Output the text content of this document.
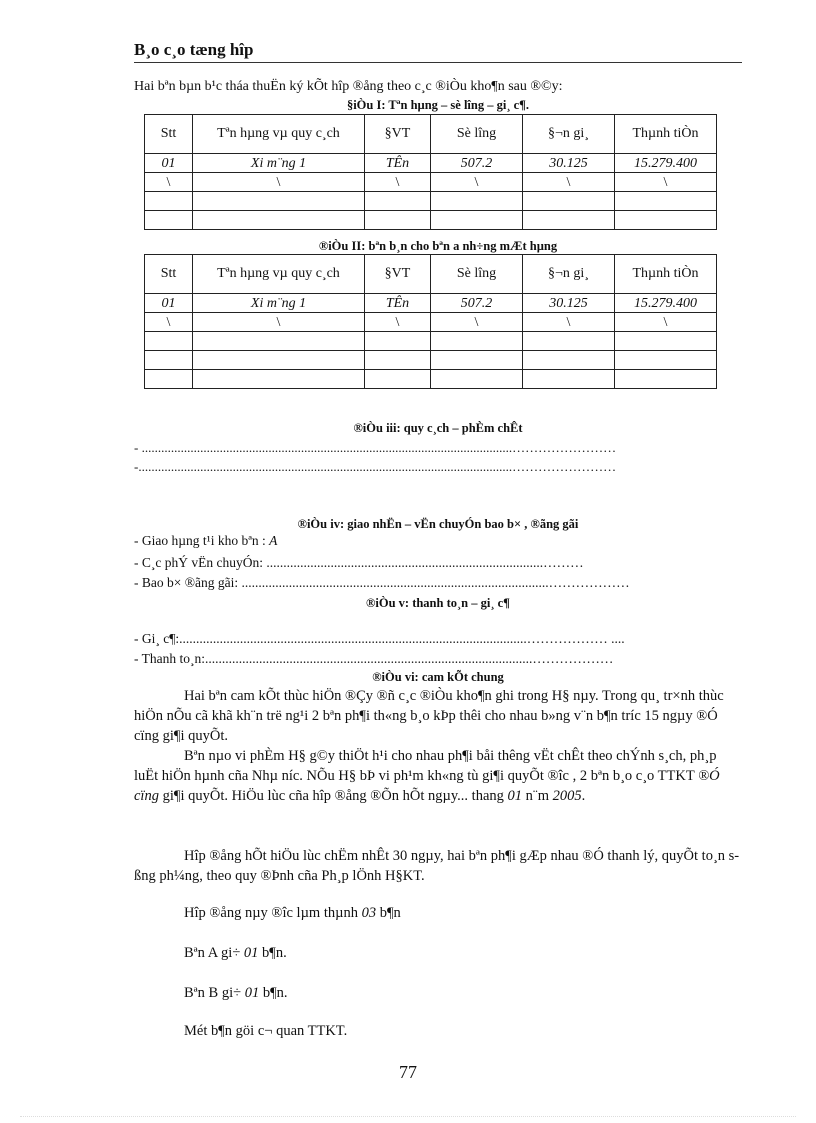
B¸o c¸o tæng hîp
Hai bªn bµn b¹c tháa thuËn ký kÕt hîp ®ång theo c¸c ®iÒu kho¶n sau ®©y:
§iÒu I: Tªn hµng – sè lîng – gi¸ c¶.
Stt	Tªn hµng vµ quy c¸ch	§VT	Sè lîng	§¬n gi¸	Thµnh tiÒn
01	Xi m¨ng 1	TÊn	507.2	30.125	15.279.400
\	\	\	\	\	\

®iÒu II: bªn b¸n cho bªn a nh÷ng mÆt hµng
Stt	Tªn hµng vµ quy c¸ch	§VT	Sè lîng	§¬n gi¸	Thµnh tiÒn
01	Xi m¨ng 1	TÊn	507.2	30.125	15.279.400
\	\	\	\	\	\

®iÒu iii: quy c¸ch – phÈm chÊt
- ..................................................................................................................……………………
-...................................................................................................................……………………
®iÒu iv: giao nhËn – vËn chuyÓn bao b× , ®ãng gãi
- Giao hµng t¹i kho bªn : A
- C¸c phÝ vËn chuyÓn: ..................................................................................………
- Bao b× ®ãng gãi: ...........................................................................................………………
®iÒu v: thanh to¸n – gi¸ c¶
- Gi¸ c¶:.......................................................................................................……………… ....
- Thanh to¸n:.................................................................................................………………
®iÒu vi: cam kÕt chung
Hai bªn cam kÕt thùc hiÖn ®Çy ®ñ c¸c ®iÒu kho¶n ghi trong H§ nµy. Trong qu¸ tr×nh thùc hiÖn nÕu cã khã kh¨n trë ng¹i 2 bªn ph¶i th«ng b¸o kÞp thêi cho nhau b»ng v¨n b¶n tríc 15 ngµy ®Ó cïng gi¶i quyÕt.
Bªn nµo vi phÈm H§ g©y thiÖt h¹i cho nhau ph¶i båi thêng vËt chÊt theo chÝnh s¸ch, ph¸p luËt hiÖn hµnh cña Nhµ níc. NÕu H§ bÞ vi ph¹m kh«ng tù gi¶i quyÕt ®îc , 2 bªn b¸o c¸o TTKT ®Ó cïng gi¶i quyÕt. HiÖu lùc cña hîp ®ång ®Õn hÕt ngµy... thang 01 n¨m 2005.
Hîp ®ång hÕt hiÖu lùc chËm nhÊt 30 ngµy, hai bªn ph¶i gÆp nhau ®Ó thanh lý, quyÕt to¸n sßng ph¼ng, theo quy ®Þnh cña Ph¸p lÖnh H§KT.
Hîp ®ång nµy ®îc lµm thµnh 03 b¶n
Bªn A gi÷ 01 b¶n.
Bªn B gi÷ 01 b¶n.
Mét b¶n göi c¬ quan TTKT.
77
